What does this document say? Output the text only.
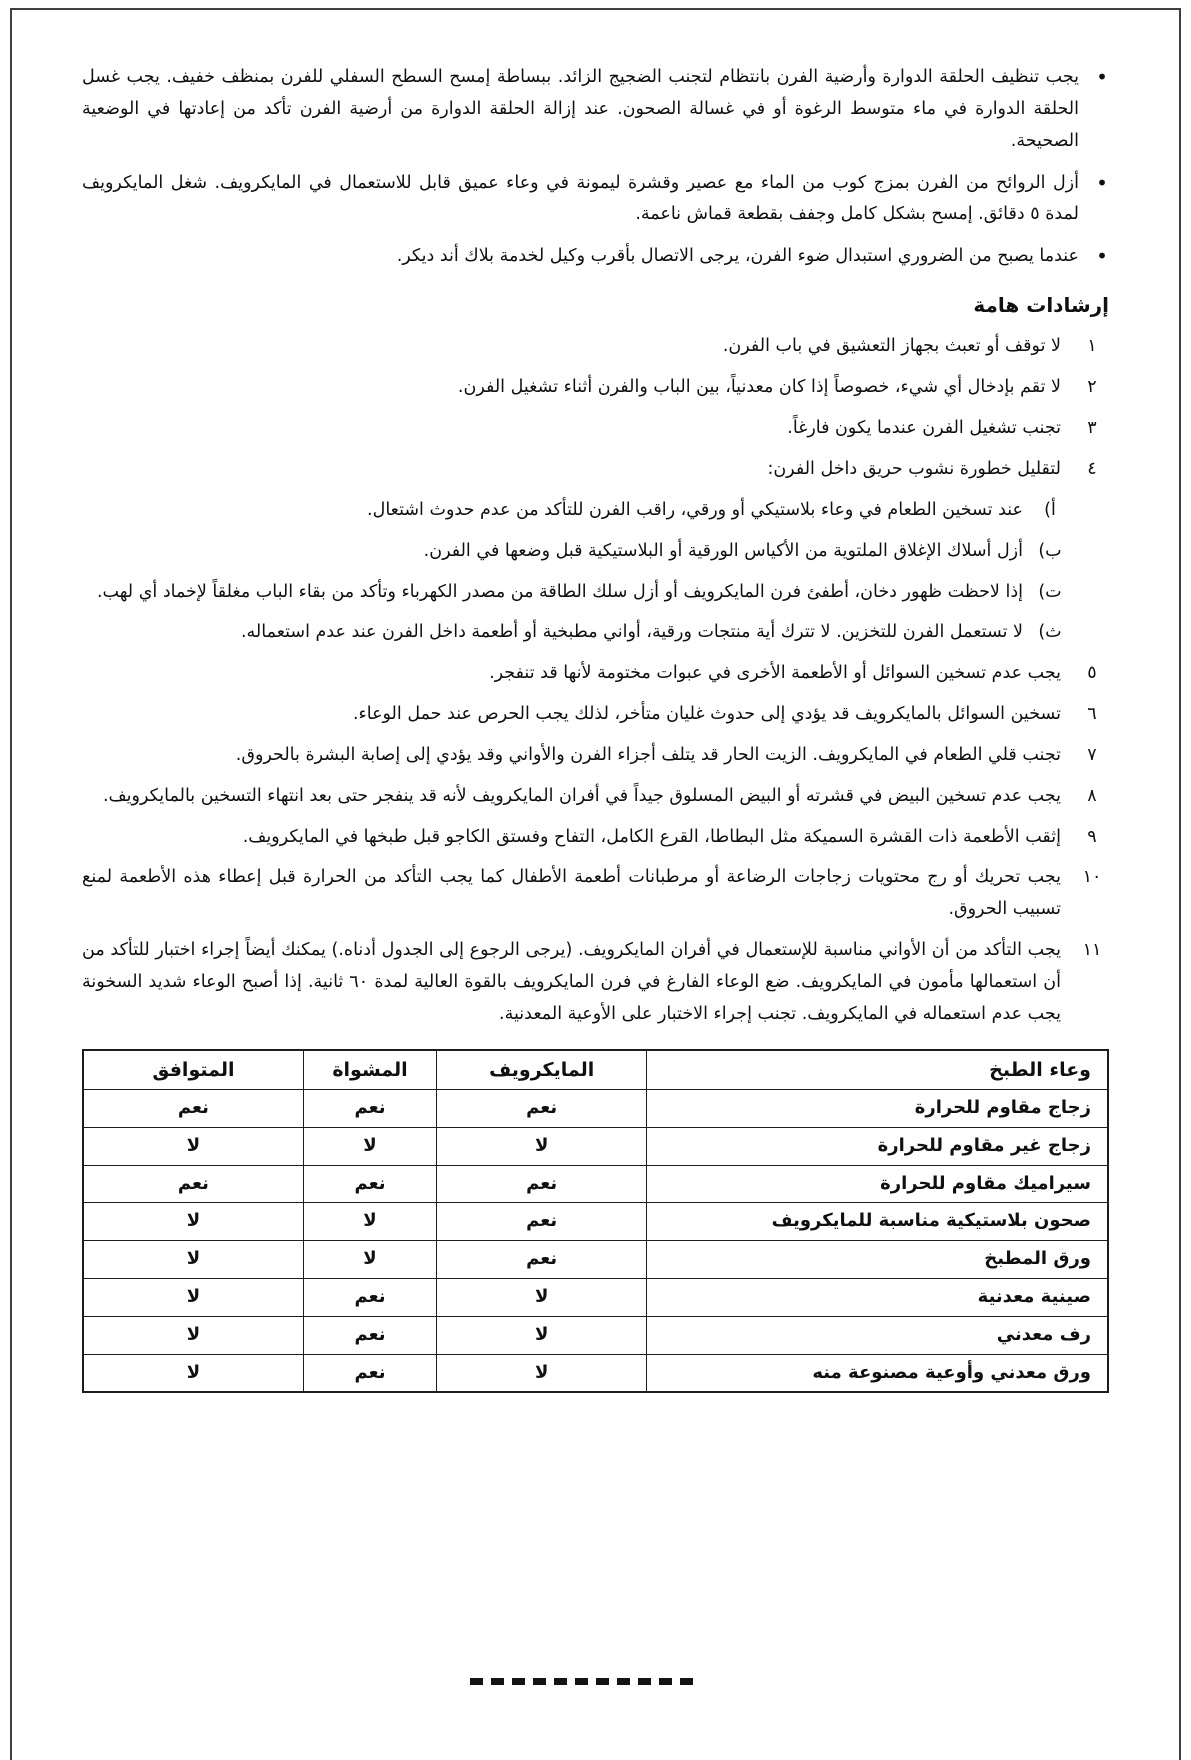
•

يجب تنظيف الحلقة الدوارة وأرضية الفرن بانتظام لتجنب الضجيج الزائد. ببساطة إمسح السطح السفلي للفرن بمنظف خفيف. يجب غسل الحلقة الدوارة في ماء متوسط الرغوة أو في غسالة الصحون. عند إزالة الحلقة الدوارة من أرضية الفرن تأكد من إعادتها في الوضعية الصحيحة.

•

أزل الروائح من الفرن بمزج كوب من الماء مع عصير وقشرة ليمونة في وعاء عميق قابل للاستعمال في المايكرويف. شغل المايكرويف لمدة ٥ دقائق. إمسح بشكل كامل وجفف بقطعة قماش ناعمة.

•

عندما يصبح من الضروري استبدال ضوء الفرن، يرجى الاتصال بأقرب وكيل لخدمة بلاك أند ديكر.

إرشادات هامة
١

لا توقف أو تعبث بجهاز التعشيق في باب الفرن.

٢

لا تقم بإدخال أي شيء، خصوصاً إذا كان معدنياً، بين الباب والفرن أثناء تشغيل الفرن.

٣

تجنب تشغيل الفرن عندما يكون فارغاً.

٤

لتقليل خطورة نشوب حريق داخل الفرن:

أ)

عند تسخين الطعام في وعاء بلاستيكي أو ورقي، راقب الفرن للتأكد من عدم حدوث اشتعال.

ب)

أزل أسلاك الإغلاق الملتوية من الأكياس الورقية أو البلاستيكية قبل وضعها في الفرن.

ت)

إذا لاحظت ظهور دخان، أطفئ فرن المايكرويف أو أزل سلك الطاقة من مصدر الكهرباء وتأكد من بقاء الباب مغلقاً لإخماد أي لهب.

ث)

لا تستعمل الفرن للتخزين. لا تترك أية منتجات ورقية، أواني مطبخية أو أطعمة داخل الفرن عند عدم استعماله.

٥

يجب عدم تسخين السوائل أو الأطعمة الأخرى في عبوات مختومة لأنها قد تنفجر.

٦

تسخين السوائل بالمايكرويف قد يؤدي إلى حدوث غليان متأخر، لذلك يجب الحرص عند حمل الوعاء.

٧

تجنب قلي الطعام في المايكرويف. الزيت الحار قد يتلف أجزاء الفرن والأواني وقد يؤدي إلى إصابة البشرة بالحروق.

٨

يجب عدم تسخين البيض في قشرته أو البيض المسلوق جيداً في أفران المايكرويف لأنه قد ينفجر حتى بعد انتهاء التسخين بالمايكرويف.

٩

إثقب الأطعمة ذات القشرة السميكة مثل البطاطا، القرع الكامل، التفاح وفستق الكاجو قبل طبخها في المايكرويف.

١٠

يجب تحريك أو رج محتويات زجاجات الرضاعة أو مرطبانات أطعمة الأطفال كما يجب التأكد من الحرارة قبل إعطاء هذه الأطعمة لمنع تسبيب الحروق.

١١

يجب التأكد من أن الأواني مناسبة للإستعمال في أفران المايكرويف. (يرجى الرجوع إلى الجدول أدناه.) يمكنك أيضاً إجراء اختبار للتأكد من أن استعمالها مأمون في المايكرويف. ضع الوعاء الفارغ في فرن المايكرويف بالقوة العالية لمدة ٦٠ ثانية. إذا أصبح الوعاء شديد السخونة يجب عدم استعماله في المايكرويف. تجنب إجراء الاختبار على الأوعية المعدنية.

وعاء الطبخ	المايكرويف	المشواة	المتوافق
زجاج مقاوم للحرارة	نعم	نعم	نعم
زجاج غير مقاوم للحرارة	لا	لا	لا
سيراميك مقاوم للحرارة	نعم	نعم	نعم
صحون بلاستيكية مناسبة للمايكرويف	نعم	لا	لا
ورق المطبخ	نعم	لا	لا
صينية معدنية	لا	نعم	لا
رف معدني	لا	نعم	لا
ورق معدني وأوعية مصنوعة منه	لا	نعم	لا
